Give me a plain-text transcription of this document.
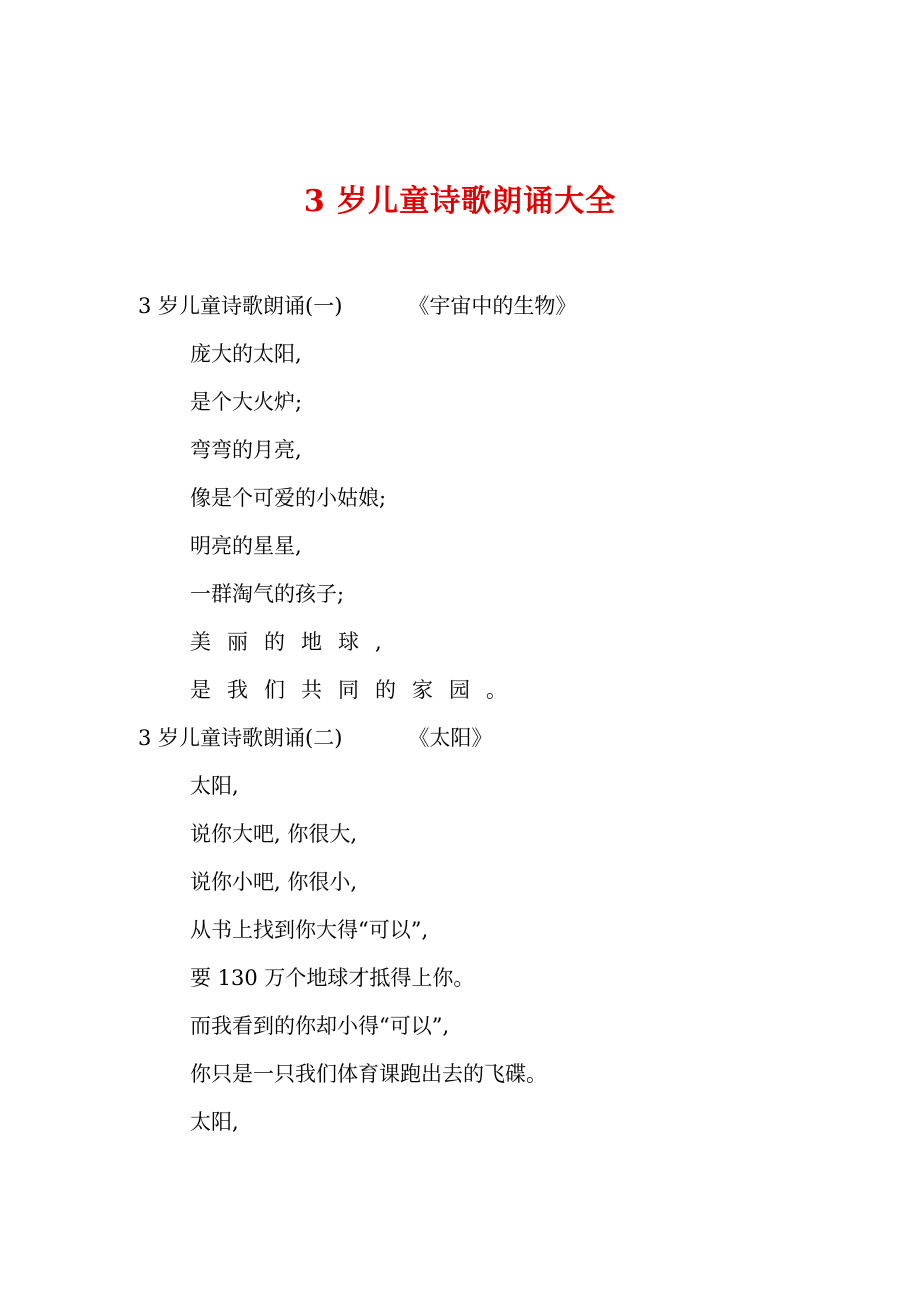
3 岁儿童诗歌朗诵大全
3 岁儿童诗歌朗诵(一)	《宇宙中的生物》
庞大的太阳,
是个大火炉;
弯弯的月亮,
像是个可爱的小姑娘;
明亮的星星,
一群淘气的孩子;
美丽的地球,
是我们共同的家园。
3 岁儿童诗歌朗诵(二)	《太阳》
太阳,
说你大吧, 你很大,
说你小吧, 你很小,
从书上找到你大得“可以”,
要 130 万个地球才抵得上你。
而我看到的你却小得“可以”,
你只是一只我们体育课跑出去的飞碟。
太阳,
